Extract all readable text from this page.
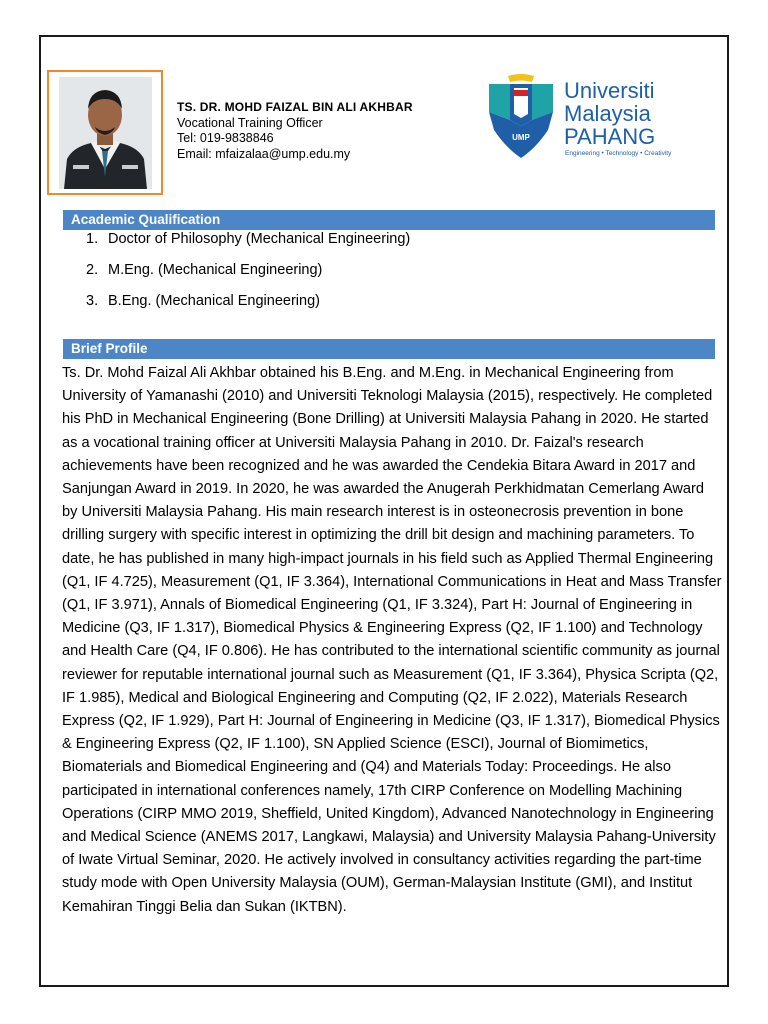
TS. DR. MOHD FAIZAL BIN ALI AKHBAR
Vocational Training Officer
Tel: 019-9838846
Email: mfaizalaa@ump.edu.my
UMP
Universiti
Malaysia
PAHANG
Engineering • Technology • Creativity
Academic Qualification
1. Doctor of Philosophy (Mechanical Engineering)
2. M.Eng. (Mechanical Engineering)
3. B.Eng. (Mechanical Engineering)
Brief Profile
Ts. Dr. Mohd Faizal Ali Akhbar obtained his B.Eng. and M.Eng. in Mechanical Engineering from University of Yamanashi (2010) and Universiti Teknologi Malaysia (2015), respectively. He completed his PhD in Mechanical Engineering (Bone Drilling) at Universiti Malaysia Pahang in 2020. He started as a vocational training officer at Universiti Malaysia Pahang in 2010. Dr. Faizal's research achievements have been recognized and he was awarded the Cendekia Bitara Award in 2017 and Sanjungan Award in 2019. In 2020, he was awarded the Anugerah Perkhidmatan Cemerlang Award by Universiti Malaysia Pahang. His main research interest is in osteonecrosis prevention in bone drilling surgery with specific interest in optimizing the drill bit design and machining parameters. To date, he has published in many high-impact journals in his field such as Applied Thermal Engineering (Q1, IF 4.725), Measurement (Q1, IF 3.364), International Communications in Heat and Mass Transfer (Q1, IF 3.971), Annals of Biomedical Engineering (Q1, IF 3.324), Part H: Journal of Engineering in Medicine (Q3, IF 1.317), Biomedical Physics & Engineering Express (Q2, IF 1.100) and Technology and Health Care (Q4, IF 0.806). He has contributed to the international scientific community as journal reviewer for reputable international journal such as Measurement (Q1, IF 3.364), Physica Scripta (Q2, IF 1.985), Medical and Biological Engineering and Computing (Q2, IF 2.022), Materials Research Express (Q2, IF 1.929), Part H: Journal of Engineering in Medicine (Q3, IF 1.317), Biomedical Physics & Engineering Express (Q2, IF 1.100), SN Applied Science (ESCI), Journal of Biomimetics, Biomaterials and Biomedical Engineering and (Q4) and Materials Today: Proceedings. He also participated in international conferences namely, 17th CIRP Conference on Modelling Machining Operations (CIRP MMO 2019, Sheffield, United Kingdom), Advanced Nanotechnology in Engineering and Medical Science (ANEMS 2017, Langkawi, Malaysia) and University Malaysia Pahang-University of Iwate Virtual Seminar, 2020. He actively involved in consultancy activities regarding the part-time study mode with Open University Malaysia (OUM), German-Malaysian Institute (GMI), and Institut Kemahiran Tinggi Belia dan Sukan (IKTBN).
